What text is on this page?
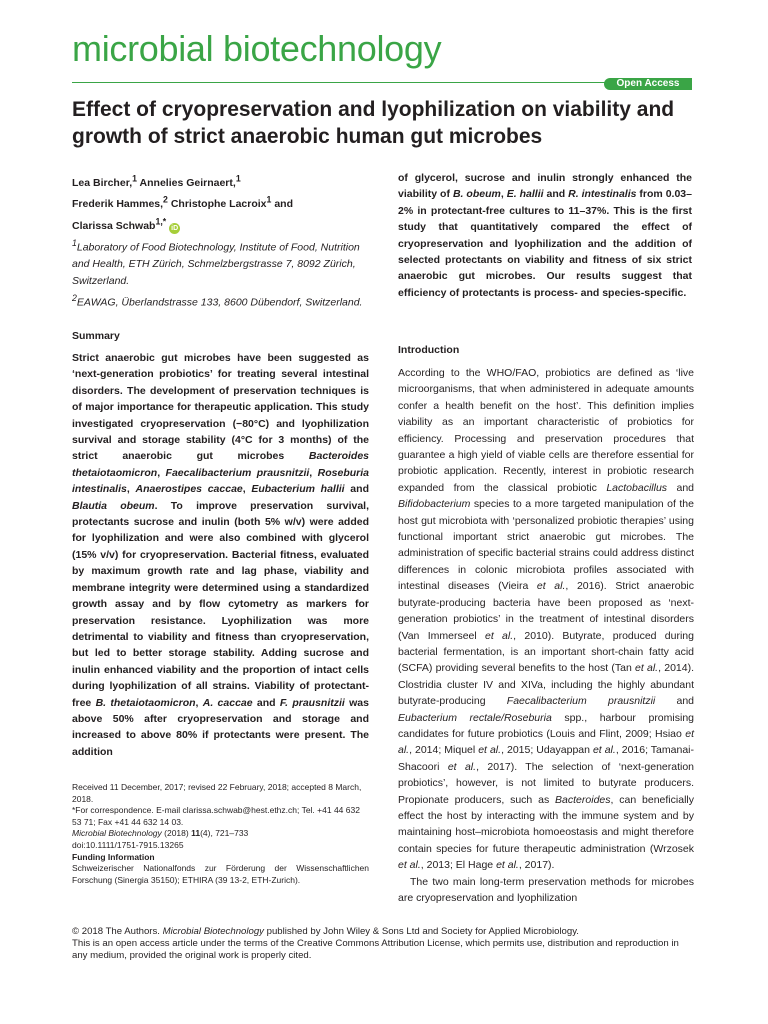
microbial biotechnology
Open Access
Effect of cryopreservation and lyophilization on viability and growth of strict anaerobic human gut microbes
Lea Bircher,$^1$ Annelies Geirnaert,$^1$
Frederik Hammes,$^2$ Christophe Lacroix$^1$ and
Clarissa Schwab$^{1,*}$iD
$^1$Laboratory of Food Biotechnology, Institute of Food, Nutrition and Health, ETH Zürich, Schmelzbergstrasse 7, 8092 Zürich, Switzerland.
$^2$EAWAG, Überlandstrasse 133, 8600 Dübendorf, Switzerland.
Summary
Strict anaerobic gut microbes have been suggested as ‘next-generation probiotics’ for treating several intestinal disorders. The development of preservation techniques is of major importance for therapeutic application. This study investigated cryopreservation (−80°C) and lyophilization survival and storage stability (4°C for 3 months) of the strict anaerobic gut microbes Bacteroides thetaiotaomicron, Faecalibacterium prausnitzii, Roseburia intestinalis, Anaerostipes caccae, Eubacterium hallii and Blautia obeum. To improve preservation survival, protectants sucrose and inulin (both 5% w/v) were added for lyophilization and were also combined with glycerol (15% v/v) for cryopreservation. Bacterial fitness, evaluated by maximum growth rate and lag phase, viability and membrane integrity were determined using a standardized growth assay and by flow cytometry as markers for preservation resistance. Lyophilization was more detrimental to viability and fitness than cryopreservation, but led to better storage stability. Adding sucrose and inulin enhanced viability and the proportion of intact cells during lyophilization of all strains. Viability of protectant-free B. thetaiotaomicron, A. caccae and F. prausnitzii was above 50% after cryopreservation and storage and increased to above 80% if protectants were present. The addition
of glycerol, sucrose and inulin strongly enhanced the viability of B. obeum, E. hallii and R. intestinalis from 0.03–2% in protectant-free cultures to 11–37%. This is the first study that quantitatively compared the effect of cryopreservation and lyophilization and the addition of selected protectants on viability and fitness of six strict anaerobic gut microbes. Our results suggest that efficiency of protectants is process- and species-specific.
Introduction

According to the WHO/FAO, probiotics are defined as ‘live microorganisms, that when administered in adequate amounts confer a health benefit on the host’. This definition implies viability as an important characteristic of probiotics for efficiency. Processing and preservation procedures that guarantee a high yield of viable cells are therefore essential for probiotic application. Recently, interest in probiotic research expanded from the classical probiotic Lactobacillus and Bifidobacterium species to a more targeted manipulation of the host gut microbiota with ‘personalized probiotic therapies’ using functional important strict anaerobic gut microbes. The administration of specific bacterial strains could address distinct differences in colonic microbiota profiles associated with intestinal diseases (Vieira et al., 2016). Strict anaerobic butyrate-producing bacteria have been proposed as ‘next-generation probiotics’ in the treatment of intestinal disorders (Van Immerseel et al., 2010). Butyrate, produced during bacterial fermentation, is an important short-chain fatty acid (SCFA) providing several benefits to the host (Tan et al., 2014). Clostridia cluster IV and XIVa, including the highly abundant butyrate-producing Faecalibacterium prausnitzii and Eubacterium rectale/Roseburia spp., harbour promising candidates for future probiotics (Louis and Flint, 2009; Hsiao et al., 2014; Miquel et al., 2015; Udayappan et al., 2016; Tamanai-Shacoori et al., 2017). The selection of ‘next-generation probiotics’, however, is not limited to butyrate producers. Propionate producers, such as Bacteroides, can beneficially effect the host by interacting with the immune system and by maintaining host–microbiota homoeostasis and might therefore contain species for future therapeutic administration (Wrzosek et al., 2013; El Hage et al., 2017).

The two main long-term preservation methods for microbes are cryopreservation and lyophilization

Received 11 December, 2017; revised 22 February, 2018; accepted 8 March, 2018.

*For correspondence. E-mail clarissa.schwab@hest.ethz.ch; Tel. +41 44 632 53 71; Fax +41 44 632 14 03.

Microbial Biotechnology (2018) 11(4), 721–733

doi:10.1111/1751-7915.13265

Funding Information

Schweizerischer Nationalfonds zur Förderung der Wissenschaftlichen Forschung (Sinergia 35150); ETHIRA (39 13-2, ETH-Zurich).

© 2018 The Authors. Microbial Biotechnology published by John Wiley & Sons Ltd and Society for Applied Microbiology.

This is an open access article under the terms of the Creative Commons Attribution License, which permits use, distribution and reproduction in any medium, provided the original work is properly cited.
